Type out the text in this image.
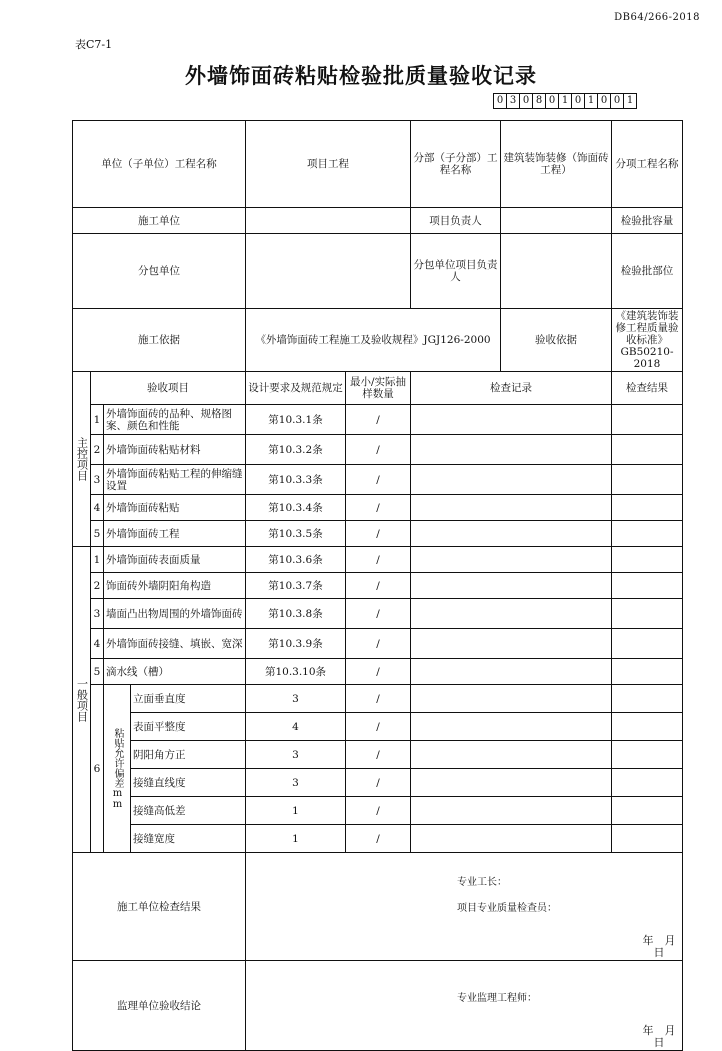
DB64/266-2018
表C7-1
外墙饰面砖粘贴检验批质量验收记录
0 3 0 8 0 1 0 1 0 0 1
单位（子单位）工程名称				项目工程		分部（子分部）工程名称	建筑装饰装修（饰面砖工程）	分项工程名称	
施工单位						项目负责人		检验批容量	
分包单位						分包单位项目负责人		检验批部位	
施工依据				《外墙饰面砖工程施工及验收规程》JGJ126-2000			验收依据	《建筑装饰装修工程质量验收标准》GB50210-2018	

主控项目	验收项目			设计要求及规范规定	最小/实际抽样数量	检查记录		检查结果	
	1	外墙饰面砖的品种、规格图案、颜色和性能		第10.3.1条	/				
	2	外墙饰面砖粘贴材料		第10.3.2条	/				
	3	外墙饰面砖粘贴工程的伸缩缝设置		第10.3.3条	/				
	4	外墙饰面砖粘贴		第10.3.4条	/				
	5	外墙饰面砖工程		第10.3.5条	/				

一般项目	1	外墙饰面砖表面质量		第10.3.6条	/				
	2	饰面砖外墙阴阳角构造		第10.3.7条	/				
	3	墙面凸出物周围的外墙饰面砖		第10.3.8条	/				
	4	外墙饰面砖接缝、填嵌、宽深		第10.3.9条	/				
	5	滴水线（槽）		第10.3.10条	/				
	6	粘贴允许偏差mm	立面垂直度	3	/				
			表面平整度	4	/				
			阴阳角方正	3	/				
			接缝直线度	3	/				
			接缝高低差	1	/				
			接缝宽度	1	/				
施工单位检查结果				专业工长：
项目专业质量检查员：
年　月　日					

监理单位验收结论				专业监理工程师：
年　月　日					
